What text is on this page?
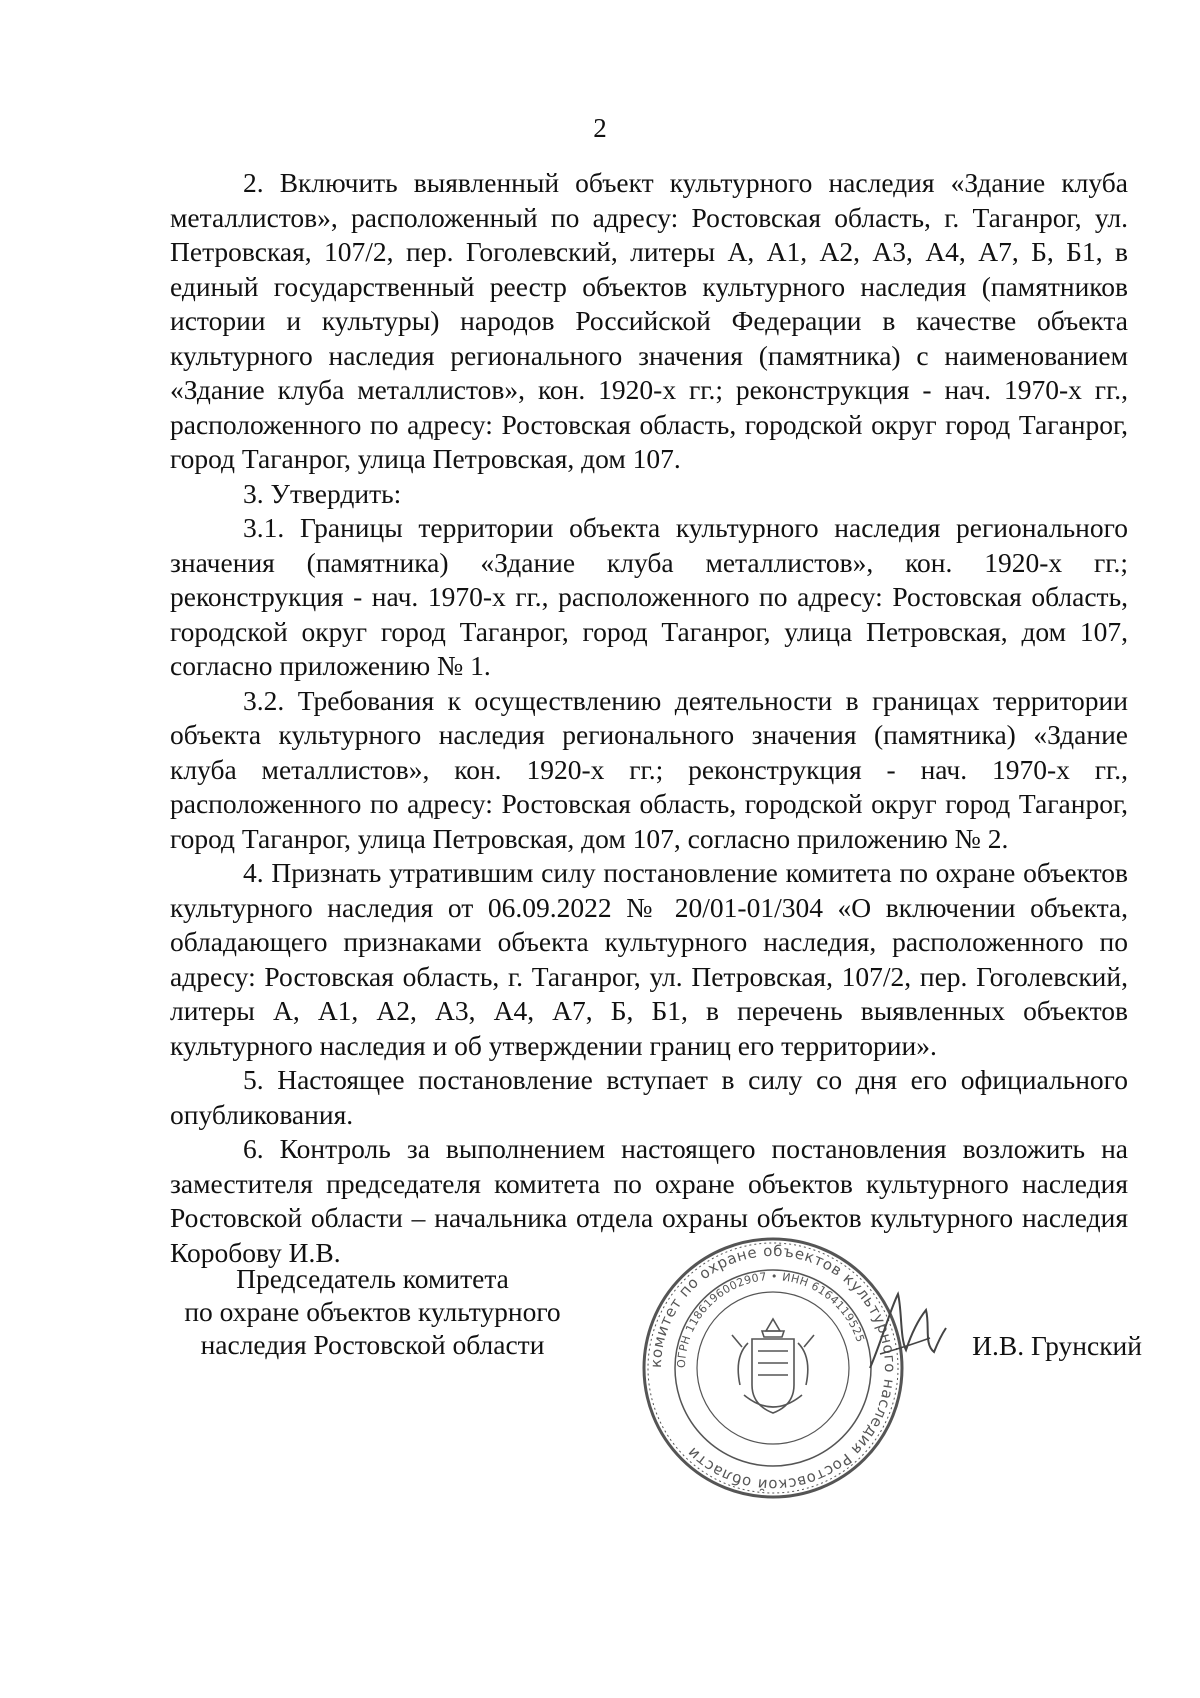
2

2. Включить выявленный объект культурного наследия «Здание клуба металлистов», расположенный по адресу: Ростовская область, г. Таганрог, ул. Петровская, 107/2, пер. Гоголевский, литеры А, А1, А2, А3, А4, А7, Б, Б1, в единый государственный реестр объектов культурного наследия (памятников истории и культуры) народов Российской Федерации в качестве объекта культурного наследия регионального значения (памятника) с наименованием «Здание клуба металлистов», кон. 1920-х гг.; реконструкция - нач. 1970-х гг., расположенного по адресу: Ростовская область, городской округ город Таганрог, город Таганрог, улица Петровская, дом 107.

3. Утвердить:

3.1. Границы территории объекта культурного наследия регионального значения (памятника) «Здание клуба металлистов», кон. 1920-х гг.; реконструкция - нач. 1970-х гг., расположенного по адресу: Ростовская область, городской округ город Таганрог, город Таганрог, улица Петровская, дом 107, согласно приложению № 1.

3.2. Требования к осуществлению деятельности в границах территории объекта культурного наследия регионального значения (памятника) «Здание клуба металлистов», кон. 1920-х гг.; реконструкция - нач. 1970-х гг., расположенного по адресу: Ростовская область, городской округ город Таганрог, город Таганрог, улица Петровская, дом 107, согласно приложению № 2.

4. Признать утратившим силу постановление комитета по охране объектов культурного наследия от 06.09.2022 № 20/01-01/304 «О включении объекта, обладающего признаками объекта культурного наследия, расположенного по адресу: Ростовская область, г. Таганрог, ул. Петровская, 107/2, пер. Гоголевский, литеры А, А1, А2, А3, А4, А7, Б, Б1, в перечень выявленных объектов культурного наследия и об утверждении границ его территории».

5. Настоящее постановление вступает в силу со дня его официального опубликования.

6. Контроль за выполнением настоящего постановления возложить на заместителя председателя комитета по охране объектов культурного наследия Ростовской области – начальника отдела охраны объектов культурного наследия Коробову И.В.

Председатель комитета
по охране объектов культурного
наследия Ростовской области
комитет по охране объектов культурного наследия Ростовской области
ОГРН 1186196002907 • ИНН 6164119525	И.В. Грунский
